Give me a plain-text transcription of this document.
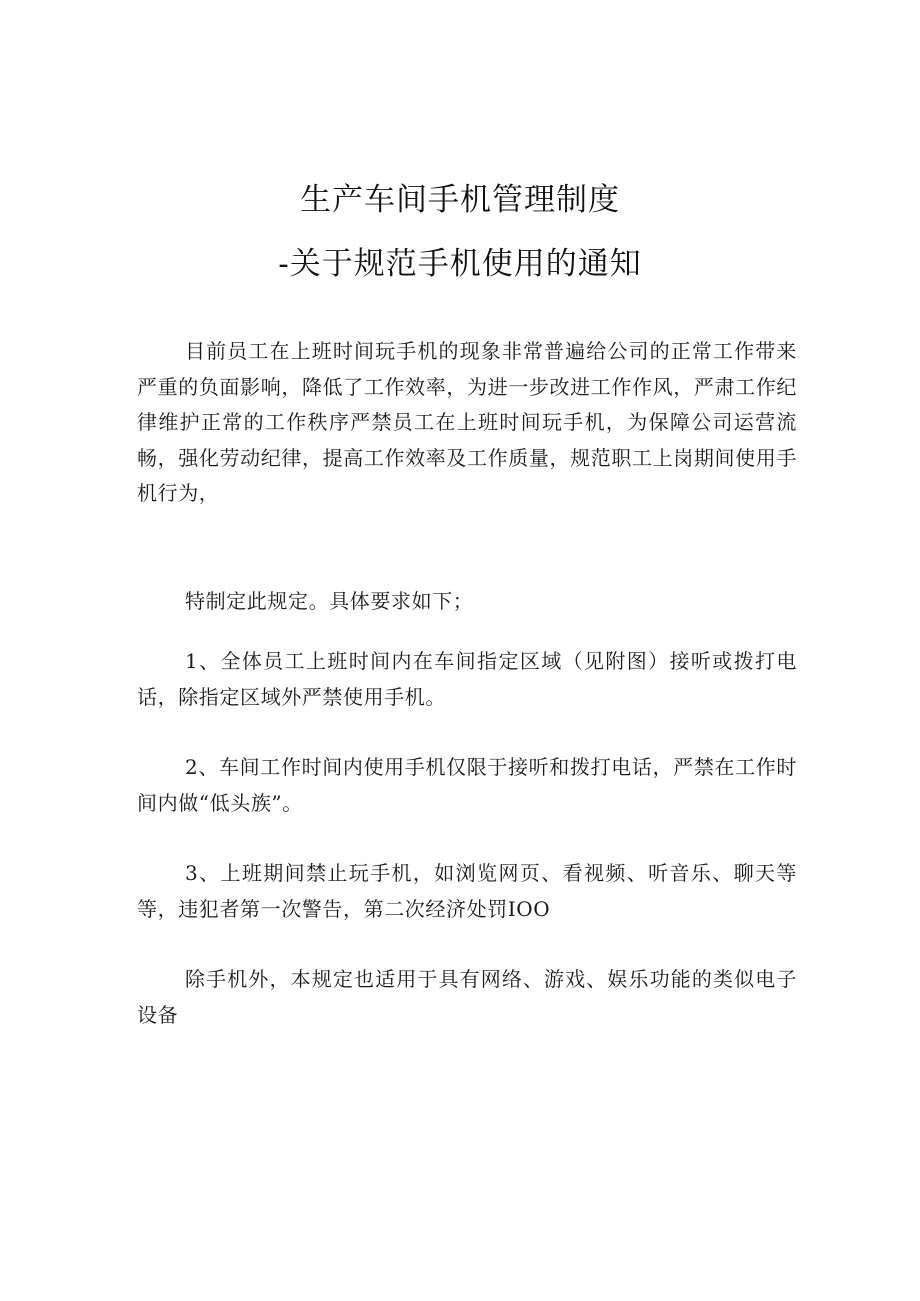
生产车间手机管理制度
-关于规范手机使用的通知

目前员工在上班时间玩手机的现象非常普遍给公司的正常工作带来严重的负面影响，降低了工作效率，为进一步改进工作作风，严肃工作纪律维护正常的工作秩序严禁员工在上班时间玩手机，为保障公司运营流畅，强化劳动纪律，提高工作效率及工作质量，规范职工上岗期间使用手机行为，

特制定此规定。具体要求如下；

1、全体员工上班时间内在车间指定区域（见附图）接听或拨打电话，除指定区域外严禁使用手机。

2、车间工作时间内使用手机仅限于接听和拨打电话，严禁在工作时间内做“低头族”。

3、上班期间禁止玩手机，如浏览网页、看视频、听音乐、聊天等等，违犯者第一次警告，第二次经济处罚IOO

除手机外，本规定也适用于具有网络、游戏、娱乐功能的类似电子设备
